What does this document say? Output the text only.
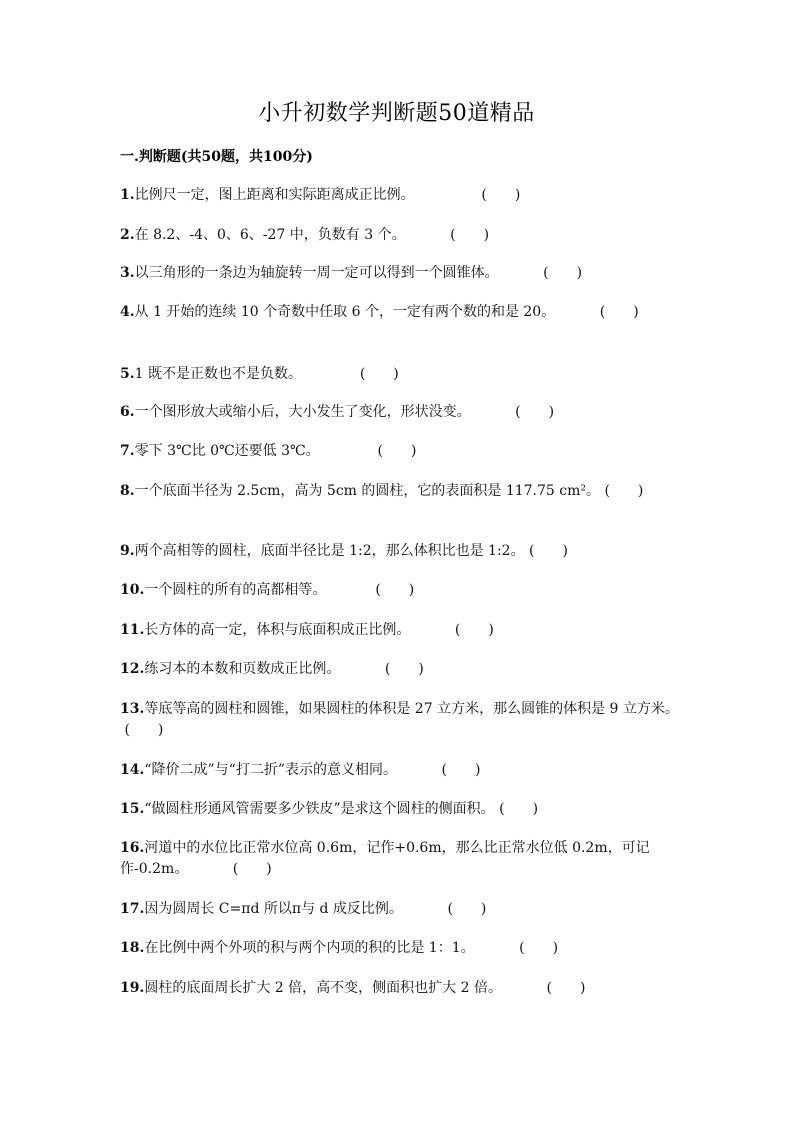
小升初数学判断题50道精品
一.判断题(共50题，共100分)
1.比例尺一定，图上距离和实际距离成正比例。	(　　)
2.在 8.2、-4、0、6、-27 中，负数有 3 个。	(　　)
3.以三角形的一条边为轴旋转一周一定可以得到一个圆锥体。	(　　)
4.从 1 开始的连续 10 个奇数中任取 6 个，一定有两个数的和是 20。	(　　)
5.1 既不是正数也不是负数。	(　　)
6.一个图形放大或缩小后，大小发生了变化，形状没变。	(　　)
7.零下 3℃比 0℃还要低 3℃。	(　　)
8.一个底面半径为 2.5cm，高为 5cm 的圆柱，它的表面积是 117.75 cm²。 (　　)
9.两个高相等的圆柱，底面半径比是 1:2，那么体积比也是 1:2。 (　　)
10.一个圆柱的所有的高都相等。	(　　)
11.长方体的高一定，体积与底面积成正比例。	(　　)
12.练习本的本数和页数成正比例。	(　　)
13.等底等高的圆柱和圆锥，如果圆柱的体积是 27 立方米，那么圆锥的体积是 9 立方米。 (　　)
14.“降价二成”与“打二折”表示的意义相同。	(　　)
15.“做圆柱形通风管需要多少铁皮”是求这个圆柱的侧面积。 (　　)
16.河道中的水位比正常水位高 0.6m，记作+0.6m，那么比正常水位低 0.2m，可记作-0.2m。	(　　)
17.因为圆周长 C=πd 所以π与 d 成反比例。	(　　)
18.在比例中两个外项的积与两个内项的积的比是 1：1。	(　　)
19.圆柱的底面周长扩大 2 倍，高不变，侧面积也扩大 2 倍。	(　　)
